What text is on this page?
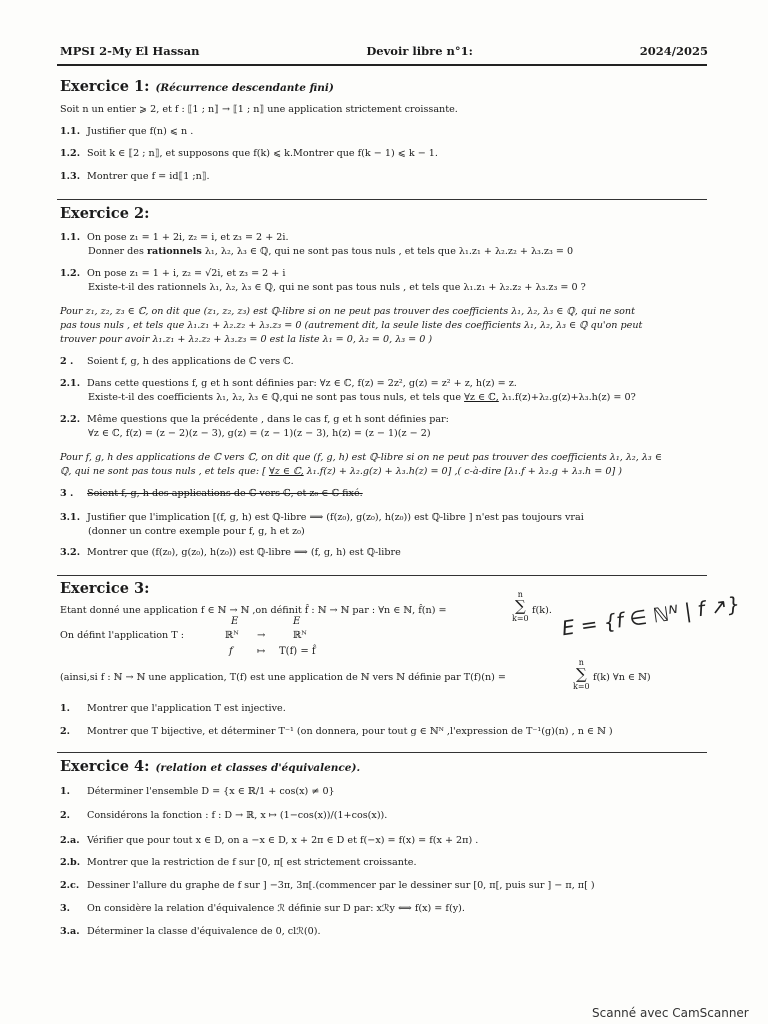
MPSI 2-My El Hassan	Devoir libre n°1:	2024/2025
Exercice 1: (Récurrence descendante fini)
Soit n un entier ⩾ 2, et f : ⟦1 ; n⟧ → ⟦1 ; n⟧ une application strictement croissante.
1.1. Justifier que f(n) ⩽ n .
1.2. Soit k ∈ ⟦2 ; n⟧, et supposons que f(k) ⩽ k.Montrer que f(k − 1) ⩽ k − 1.
1.3. Montrer que f = id⟦1 ;n⟧.
Exercice 2:
1.1. On pose z₁ = 1 + 2i, z₂ = i, et z₃ = 2 + 2i.
Donner des rationnels λ₁, λ₂, λ₃ ∈ ℚ, qui ne sont pas tous nuls , et tels que λ₁.z₁ + λ₂.z₂ + λ₃.z₃ = 0
1.2. On pose z₁ = 1 + i, z₂ = √2i, et z₃ = 2 + i
Existe-t-il des rationnels λ₁, λ₂, λ₃ ∈ ℚ, qui ne sont pas tous nuls , et tels que λ₁.z₁ + λ₂.z₂ + λ₃.z₃ = 0 ?
Pour z₁, z₂, z₃ ∈ ℂ, on dit que (z₁, z₂, z₃) est ℚ-libre si on ne peut pas trouver des coefficients λ₁, λ₂, λ₃ ∈ ℚ, qui ne sont
pas tous nuls , et tels que λ₁.z₁ + λ₂.z₂ + λ₃.z₃ = 0 (autrement dit, la seule liste des coefficients λ₁, λ₂, λ₃ ∈ ℚ qu'on peut
trouver pour avoir λ₁.z₁ + λ₂.z₂ + λ₃.z₃ = 0 est la liste λ₁ = 0, λ₂ = 0, λ₃ = 0 )
2 . Soient f, g, h des applications de ℂ vers ℂ.
2.1. Dans cette questions f, g et h sont définies par: ∀z ∈ ℂ, f(z) = 2z², g(z) = z² + z, h(z) = z.
Existe-t-il des coefficients λ₁, λ₂, λ₃ ∈ ℚ,qui ne sont pas tous nuls, et tels que ∀z ∈ ℂ, λ₁.f(z)+λ₂.g(z)+λ₃.h(z) = 0?
2.2. Même questions que la précédente , dans le cas f, g et h sont définies par:
∀z ∈ ℂ, f(z) = (z − 2)(z − 3), g(z) = (z − 1)(z − 3), h(z) = (z − 1)(z − 2)
Pour f, g, h des applications de ℂ vers ℂ, on dit que (f, g, h) est ℚ-libre si on ne peut pas trouver des coefficients λ₁, λ₂, λ₃ ∈
ℚ, qui ne sont pas tous nuls , et tels que: [ ∀z ∈ ℂ, λ₁.f(z) + λ₂.g(z) + λ₃.h(z) = 0] ,( c-à-dire [λ₁.f + λ₂.g + λ₃.h = 0] )
3 . Soient f, g, h des applications de ℂ vers ℂ, et z₀ ∈ ℂ fixé.
3.1. Justifier que l'implication [(f, g, h) est ℚ-libre ⟹ (f(z₀), g(z₀), h(z₀)) est ℚ-libre ] n'est pas toujours vrai
(donner un contre exemple pour f, g, h et z₀)
3.2. Montrer que (f(z₀), g(z₀), h(z₀)) est ℚ-libre ⟹ (f, g, h) est ℚ-libre
Exercice 3:
Etant donné une application f ∈ ℕ → ℕ ,on définit f̂ : ℕ → ℕ par : ∀n ∈ ℕ, f̂(n) =
n
∑
k=0
f(k). E = {f ∈ ℕᴺ | f ↗}
On défint l'application T :
E	E
ℝᴺ →	ℝᴺ
f ↦ T(f) = f̂
(ainsi,si f : ℕ → ℕ une application, T(f) est une application de ℕ vers ℕ définie par T(f)(n) =
n
∑
k=0
f(k) ∀n ∈ ℕ)
1. Montrer que l'application T est injective.
2. Montrer que T bijective, et déterminer T⁻¹ (on donnera, pour tout g ∈ ℕᴺ ,l'expression de T⁻¹(g)(n) , n ∈ ℕ )
Exercice 4: (relation et classes d'équivalence).
1. Déterminer l'ensemble D = {x ∈ ℝ/1 + cos(x) ≠ 0}
2. Considérons la fonction : f : D → ℝ, x ↦ (1−cos(x))/(1+cos(x)).
2.a. Vérifier que pour tout x ∈ D, on a −x ∈ D, x + 2π ∈ D et f(−x) = f(x) = f(x + 2π) .
2.b. Montrer que la restriction de f sur [0, π[ est strictement croissante.
2.c. Dessiner l'allure du graphe de f sur ] −3π, 3π[.(commencer par le dessiner sur [0, π[, puis sur ] − π, π[ )
3. On considère la relation d'équivalence ℛ définie sur D par: xℛy ⟺ f(x) = f(y).
3.a. Déterminer la classe d'équivalence de 0, clℛ(0).
Scanné avec CamScanner
